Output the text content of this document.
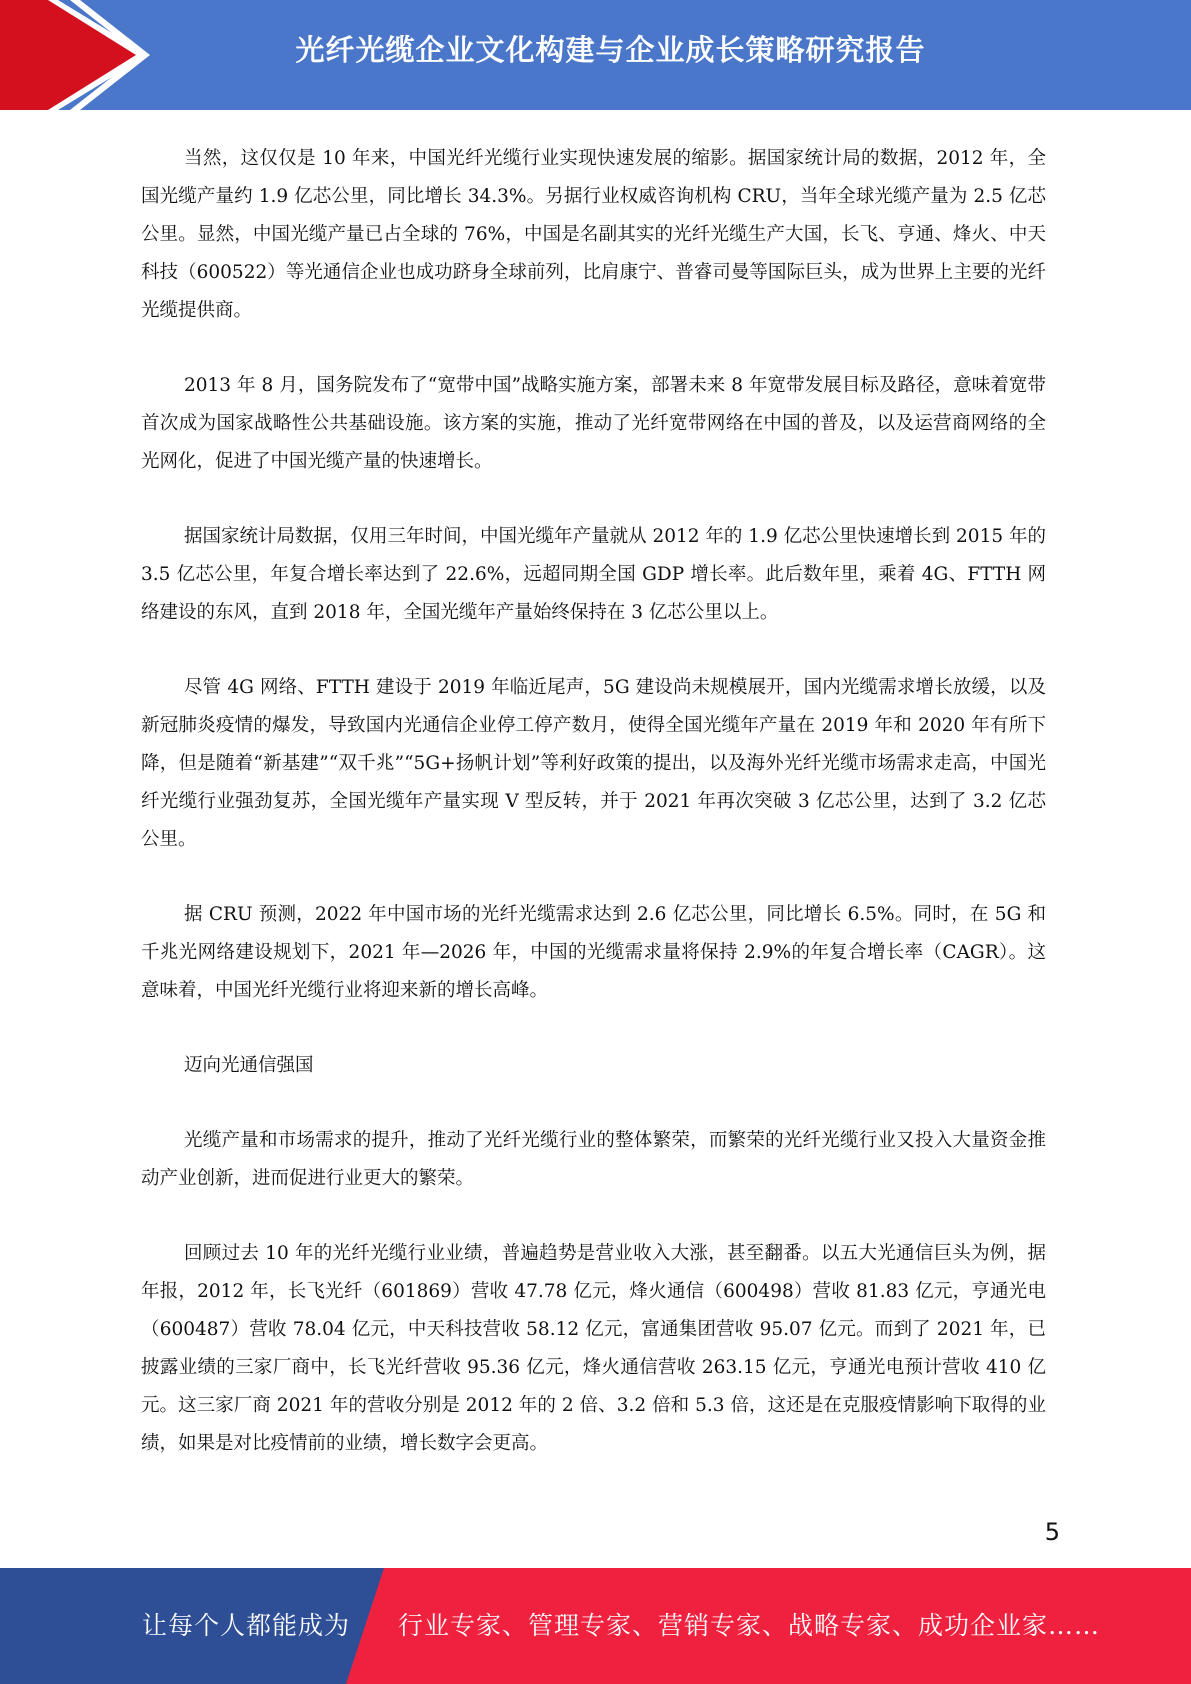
光纤光缆企业文化构建与企业成长策略研究报告

当然，这仅仅是 10 年来，中国光纤光缆行业实现快速发展的缩影。据国家统计局的数据，2012 年，全国光缆产量约 1.9 亿芯公里，同比增长 34.3%。另据行业权威咨询机构 CRU，当年全球光缆产量为 2.5 亿芯公里。显然，中国光缆产量已占全球的 76%，中国是名副其实的光纤光缆生产大国，长飞、亨通、烽火、中天科技（600522）等光通信企业也成功跻身全球前列，比肩康宁、普睿司曼等国际巨头，成为世界上主要的光纤光缆提供商。

2013 年 8 月，国务院发布了“宽带中国”战略实施方案，部署未来 8 年宽带发展目标及路径，意味着宽带首次成为国家战略性公共基础设施。该方案的实施，推动了光纤宽带网络在中国的普及，以及运营商网络的全光网化，促进了中国光缆产量的快速增长。

据国家统计局数据，仅用三年时间，中国光缆年产量就从 2012 年的 1.9 亿芯公里快速增长到 2015 年的 3.5 亿芯公里，年复合增长率达到了 22.6%，远超同期全国 GDP 增长率。此后数年里，乘着 4G、FTTH 网络建设的东风，直到 2018 年，全国光缆年产量始终保持在 3 亿芯公里以上。

尽管 4G 网络、FTTH 建设于 2019 年临近尾声，5G 建设尚未规模展开，国内光缆需求增长放缓，以及新冠肺炎疫情的爆发，导致国内光通信企业停工停产数月，使得全国光缆年产量在 2019 年和 2020 年有所下降，但是随着“新基建”“双千兆”“5G+扬帆计划”等利好政策的提出，以及海外光纤光缆市场需求走高，中国光纤光缆行业强劲复苏，全国光缆年产量实现 V 型反转，并于 2021 年再次突破 3 亿芯公里，达到了 3.2 亿芯公里。

据 CRU 预测，2022 年中国市场的光纤光缆需求达到 2.6 亿芯公里，同比增长 6.5%。同时，在 5G 和千兆光网络建设规划下，2021 年—2026 年，中国的光缆需求量将保持 2.9%的年复合增长率（CAGR）。这意味着，中国光纤光缆行业将迎来新的增长高峰。

迈向光通信强国

光缆产量和市场需求的提升，推动了光纤光缆行业的整体繁荣，而繁荣的光纤光缆行业又投入大量资金推动产业创新，进而促进行业更大的繁荣。

回顾过去 10 年的光纤光缆行业业绩，普遍趋势是营业收入大涨，甚至翻番。以五大光通信巨头为例，据年报，2012 年，长飞光纤（601869）营收 47.78 亿元，烽火通信（600498）营收 81.83 亿元，亨通光电（600487）营收 78.04 亿元，中天科技营收 58.12 亿元，富通集团营收 95.07 亿元。而到了 2021 年，已披露业绩的三家厂商中，长飞光纤营收 95.36 亿元，烽火通信营收 263.15 亿元，亨通光电预计营收 410 亿元。这三家厂商 2021 年的营收分别是 2012 年的 2 倍、3.2 倍和 5.3 倍，这还是在克服疫情影响下取得的业绩，如果是对比疫情前的业绩，增长数字会更高。

5
让每个人都能成为 行业专家、管理专家、营销专家、战略专家、成功企业家……
